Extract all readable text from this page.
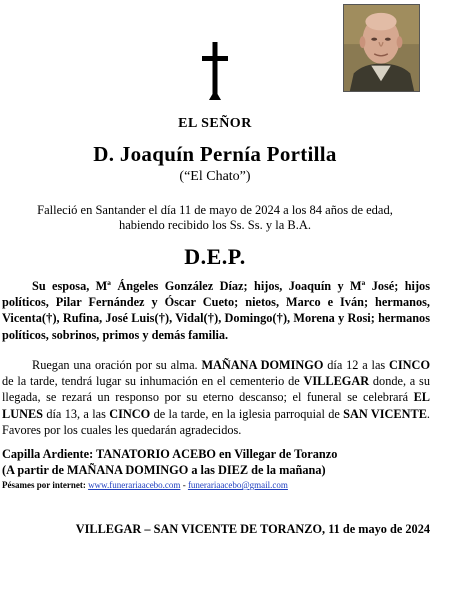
EL SEÑOR
D. Joaquín Pernía Portilla
(“El Chato”)
Falleció en Santander el día 11 de mayo de 2024 a los 84 años de edad,
habiendo recibido los Ss. Ss. y la B.A.
D.E.P.
Su esposa, Mª Ángeles González Díaz; hijos, Joaquín y Mª José; hijos políticos, Pilar Fernández y Óscar Cueto; nietos, Marco e Iván; hermanos, Vicenta(†), Rufina, José Luis(†), Vidal(†), Domingo(†), Morena y Rosi; hermanos políticos, sobrinos, primos y demás familia.
Ruegan una oración por su alma. MAÑANA DOMINGO día 12 a las CINCO de la tarde, tendrá lugar su inhumación en el cementerio de VILLEGAR donde, a su llegada, se rezará un responso por su eterno descanso; el funeral se celebrará EL LUNES día 13, a las CINCO de la tarde, en la iglesia parroquial de SAN VICENTE. Favores por los cuales les quedarán agradecidos.
Capilla Ardiente: TANATORIO ACEBO en Villegar de Toranzo
(A partir de MAÑANA DOMINGO a las DIEZ de la mañana)
Pésames por internet: www.funerariaacebo.com - funerariaacebo@gmail.com
VILLEGAR – SAN VICENTE DE TORANZO, 11 de mayo de 2024
